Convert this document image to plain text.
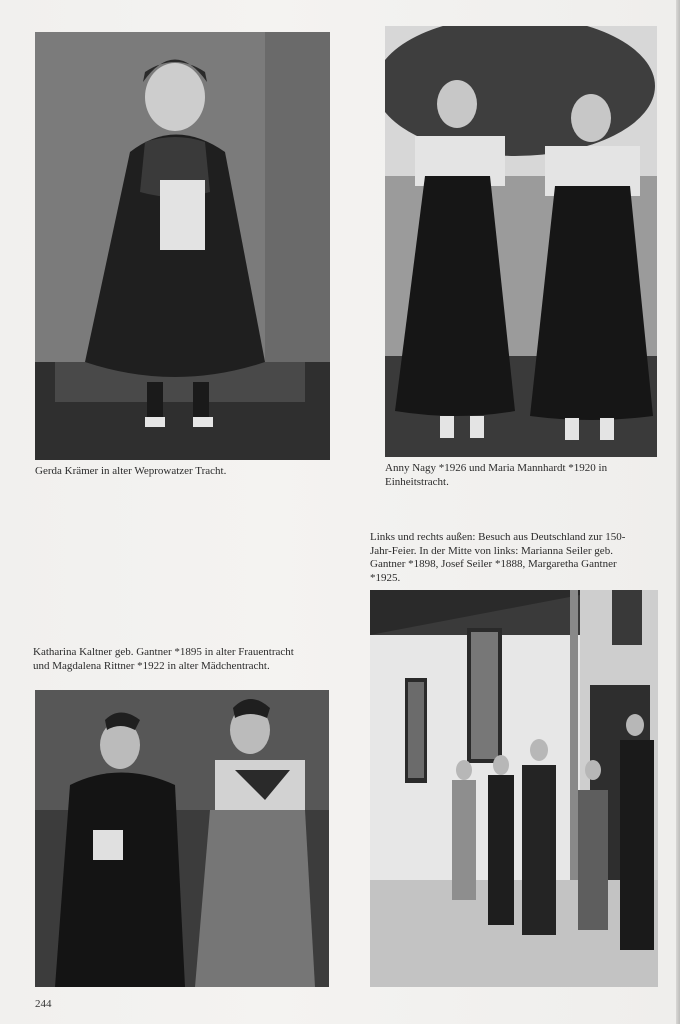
Gerda Krämer in alter Weprowatzer Tracht.	Anny Nagy *1926 und Maria Mannhardt *1920 in Einheitstracht.

Links und rechts außen: Besuch aus Deutschland zur 150-Jahr-Feier. In der Mitte von links: Marianna Seiler geb. Gantner *1898, Josef Seiler *1888, Margaretha Gantner *1925.

Katharina Kaltner geb. Gantner *1895 in alter Frauentracht und Magdalena Rittner *1922 in alter Mädchentracht.

244
